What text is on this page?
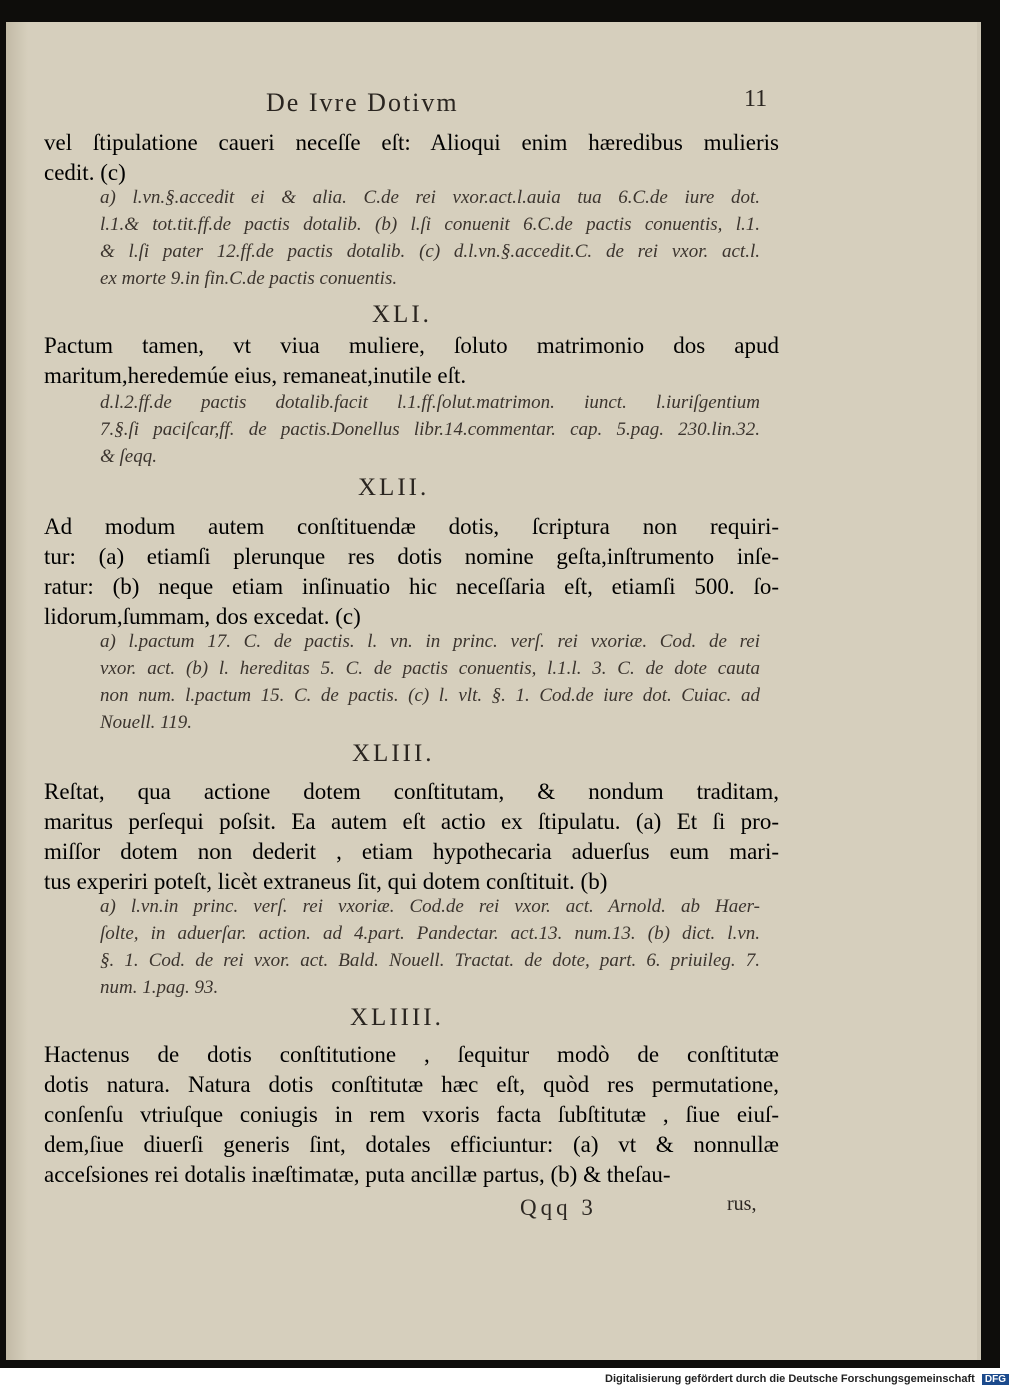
De Ivre Dotivm	11
vel ſtipulatione caueri neceſſe eſt: Alioqui enim hæredibus mulieris
cedit. (c)
a) l.vn.§.accedit ei & alia. C.de rei vxor.act.l.auia tua 6.C.de iure dot.
l.1.& tot.tit.ff.de pactis dotalib. (b) l.ſi conuenit 6.C.de pactis conuentis, l.1.
& l.ſi pater 12.ff.de pactis dotalib. (c) d.l.vn.§.accedit.C. de rei vxor. act.l.
ex morte 9.in fin.C.de pactis conuentis.
XLI.
Pactum tamen, vt viua muliere, ſoluto matrimonio dos apud
maritum,heredemúe eius, remaneat,inutile eſt.
d.l.2.ff.de pactis dotalib.facit l.1.ff.ſolut.matrimon. iunct. l.iuriſgentium
7.§.ſi paciſcar,ff. de pactis.Donellus libr.14.commentar. cap. 5.pag. 230.lin.32.
& ſeqq.
XLII.
Ad modum autem conſtituendæ dotis, ſcriptura non requiri-
tur: (a) etiamſi plerunque res dotis nomine geſta,inſtrumento inſe-
ratur: (b) neque etiam inſinuatio hic neceſſaria eſt, etiamſi 500. ſo-
lidorum,ſummam, dos excedat. (c)
a) l.pactum 17. C. de pactis. l. vn. in princ. verſ. rei vxoriæ. Cod. de rei
vxor. act. (b) l. hereditas 5. C. de pactis conuentis, l.1.l. 3. C. de dote cauta
non num. l.pactum 15. C. de pactis. (c) l. vlt. §. 1. Cod.de iure dot. Cuiac. ad
Nouell. 119.
XLIII.
Reſtat, qua actione dotem conſtitutam, & nondum traditam,
maritus perſequi poſsit. Ea autem eſt actio ex ſtipulatu. (a) Et ſi pro-
miſſor dotem non dederit , etiam hypothecaria aduerſus eum mari-
tus experiri poteſt, licèt extraneus ſit, qui dotem conſtituit. (b)
a) l.vn.in princ. verſ. rei vxoriæ. Cod.de rei vxor. act. Arnold. ab Haer-
ſolte, in aduerſar. action. ad 4.part. Pandectar. act.13. num.13. (b) dict. l.vn.
§. 1. Cod. de rei vxor. act. Bald. Nouell. Tractat. de dote, part. 6. priuileg. 7.
num. 1.pag. 93.
XLIIII.
Hactenus de dotis conſtitutione , ſequitur modò de conſtitutæ
dotis natura. Natura dotis conſtitutæ hæc eſt, quòd res permutatione,
conſenſu vtriuſque coniugis in rem vxoris facta ſubſtitutæ , ſiue eiuſ-
dem,ſiue diuerſi generis ſint, dotales efficiuntur: (a) vt & nonnullæ
acceſsiones rei dotalis inæſtimatæ, puta ancillæ partus, (b) & theſau-
Qqq 3	rus,
Digitalisierung gefördert durch die Deutsche Forschungsgemeinschaft DFG
